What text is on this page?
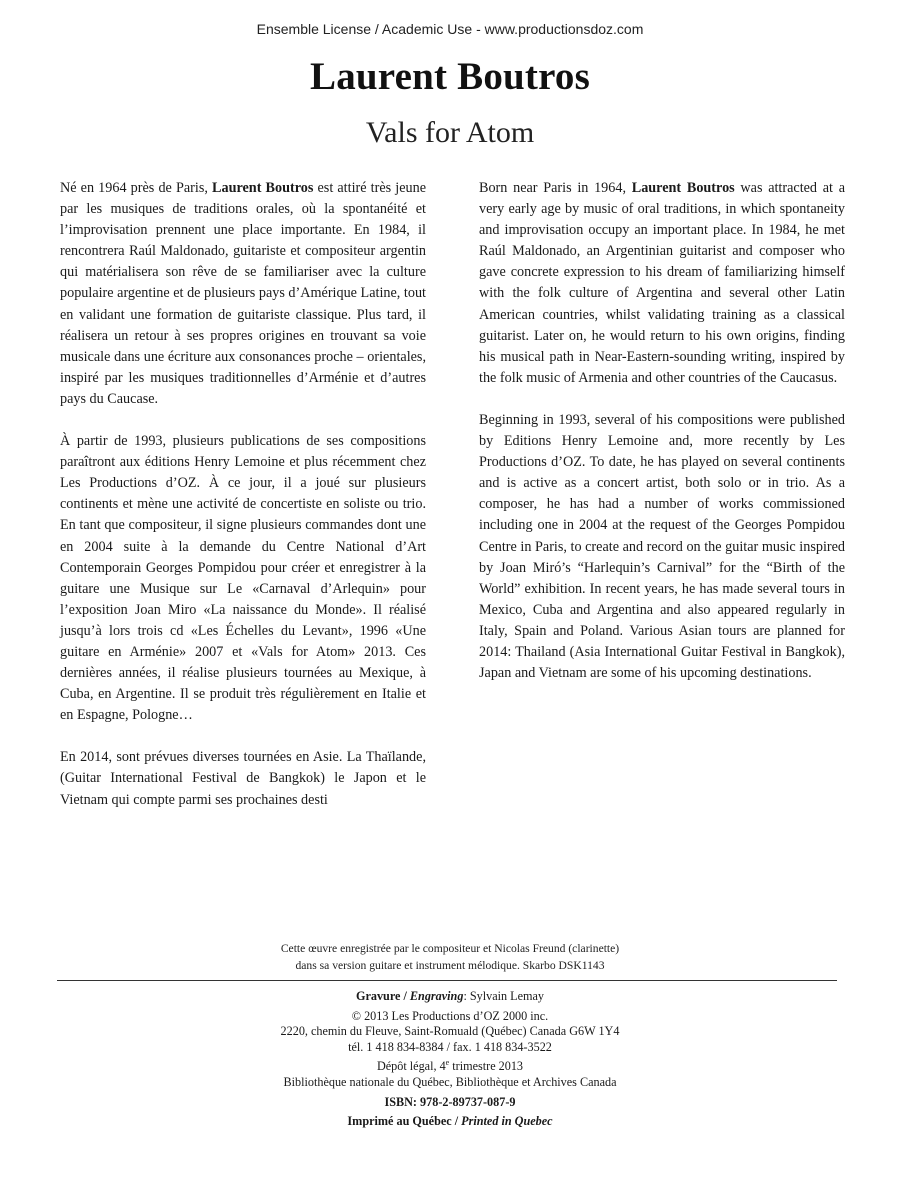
Ensemble License / Academic Use - www.productionsdoz.com
Laurent Boutros
Vals for Atom

Né en 1964 près de Paris, Laurent Boutros est attiré très jeune par les musiques de traditions orales, où la spontanéité et l’improvisation prennent une place importante. En 1984, il rencontrera Raúl Maldonado, guitariste et compositeur argentin qui matérialisera son rêve de se familiariser avec la culture populaire argentine et de plusieurs pays d’Amérique Latine, tout en validant une formation de guitariste classique. Plus tard, il réalisera un retour à ses propres origines en trouvant sa voie musicale dans une écriture aux consonances proche – orientales, inspiré par les musiques traditionnelles d’Arménie et d’autres pays du Caucase.

À partir de 1993, plusieurs publications de ses compositions paraîtront aux éditions Henry Lemoine et plus récemment chez Les Productions d’OZ. À ce jour, il a joué sur plusieurs continents et mène une activité de concertiste en soliste ou trio. En tant que compositeur, il signe plusieurs commandes dont une en 2004 suite à la demande du Centre National d’Art Contemporain Georges Pompidou pour créer et enregistrer à la guitare une Musique sur Le «Carnaval d’Arlequin» pour l’exposition Joan Miro «La naissance du Monde». Il réalisé jusqu’à lors trois cd «Les Échelles du Levant», 1996 «Une guitare en Arménie» 2007 et «Vals for Atom» 2013. Ces dernières années, il réalise plusieurs tournées au Mexique, à Cuba, en Argentine. Il se produit très régulièrement en Italie et en Espagne, Pologne…

En 2014, sont prévues diverses tournées en Asie. La Thaïlande, (Guitar International Festival de Bangkok) le Japon et le Vietnam qui compte parmi ses prochaines desti

Born near Paris in 1964, Laurent Boutros was attracted at a very early age by music of oral traditions, in which spontaneity and improvisation occupy an important place. In 1984, he met Raúl Maldonado, an Argentinian guitarist and composer who gave concrete expression to his dream of familiarizing himself with the folk culture of Argentina and several other Latin American countries, whilst validating training as a classical guitarist. Later on, he would return to his own origins, finding his musical path in Near-Eastern-sounding writing, inspired by the folk music of Armenia and other countries of the Caucasus.

Beginning in 1993, several of his compositions were published by Editions Henry Lemoine and, more recently by Les Productions d’OZ. To date, he has played on several continents and is active as a concert artist, both solo or in trio. As a composer, he has had a number of works commissioned including one in 2004 at the request of the Georges Pompidou Centre in Paris, to create and record on the guitar music inspired by Joan Miró’s “Harlequin’s Carnival” for the “Birth of the World” exhibition. In recent years, he has made several tours in Mexico, Cuba and Argentina and also appeared regularly in Italy, Spain and Poland. Various Asian tours are planned for 2014: Thailand (Asia International Guitar Festival in Bangkok), Japan and Vietnam are some of his upcoming destinations.

Cette œuvre enregistrée par le compositeur et Nicolas Freund (clarinette)
dans sa version guitare et instrument mélodique. Skarbo DSK1143
Gravure / Engraving: Sylvain Lemay
© 2013 Les Productions d’OZ 2000 inc.
2220, chemin du Fleuve, Saint-Romuald (Québec) Canada G6W 1Y4
tél. 1 418 834-8384 / fax. 1 418 834-3522
Dépôt légal, 4e trimestre 2013
Bibliothèque nationale du Québec, Bibliothèque et Archives Canada
ISBN: 978-2-89737-087-9
Imprimé au Québec / Printed in Quebec
